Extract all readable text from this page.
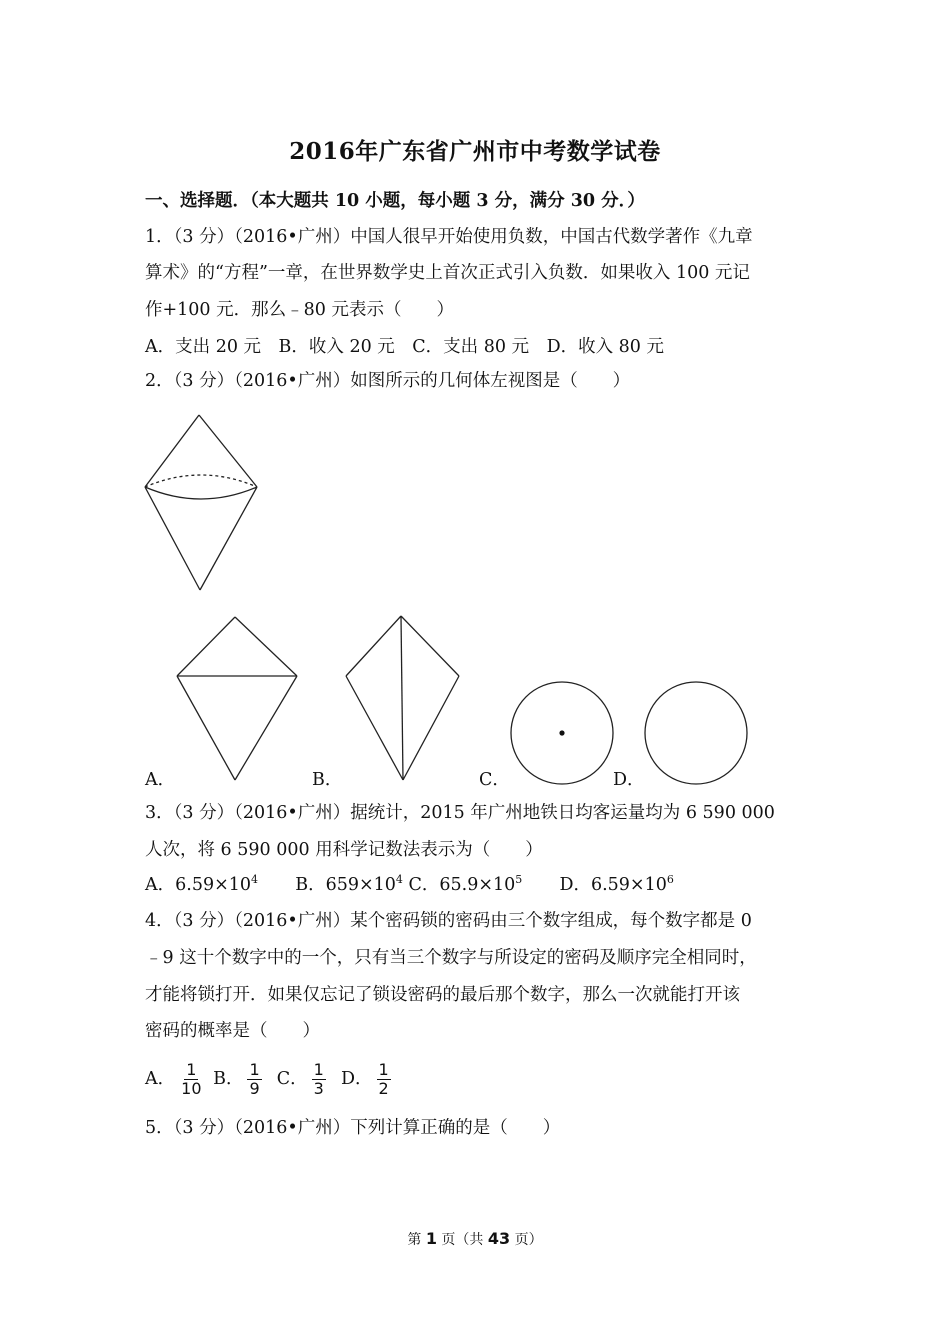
2016年广东省广州市中考数学试卷
一、选择题．（本大题共 10 小题，每小题 3 分，满分 30 分．）
1．（3 分）（2016•广州）中国人很早开始使用负数，中国古代数学著作《九章
算术》的“方程”一章，在世界数学史上首次正式引入负数．如果收入 100 元记
作+100 元．那么﹣80 元表示（　　）
A．支出 20 元　B．收入 20 元　C．支出 80 元　D．收入 80 元
2．（3 分）（2016•广州）如图所示的几何体左视图是（　　）
A．	B．	C．	D．
3．（3 分）（2016•广州）据统计，2015 年广州地铁日均客运量均为 6 590 000
人次，将 6 590 000 用科学记数法表示为（　　）
A．$6.59\times 10^4$ B．$659\times 10^4$ C．$65.9\times 10^5$ D．$6.59\times 10^6$
4．（3 分）（2016•广州）某个密码锁的密码由三个数字组成，每个数字都是 0
﹣9 这十个数字中的一个，只有当三个数字与所设定的密码及顺序完全相同时，
才能将锁打开．如果仅忘记了锁设密码的最后那个数字，那么一次就能打开该
密码的概率是（　　）
A． $\frac{1}{10}$ B． $\frac{1}{9}$ C． $\frac{1}{3}$ D． $\frac{1}{2}$
5．（3 分）（2016•广州）下列计算正确的是（　　）
第 1 页（共 43 页）
